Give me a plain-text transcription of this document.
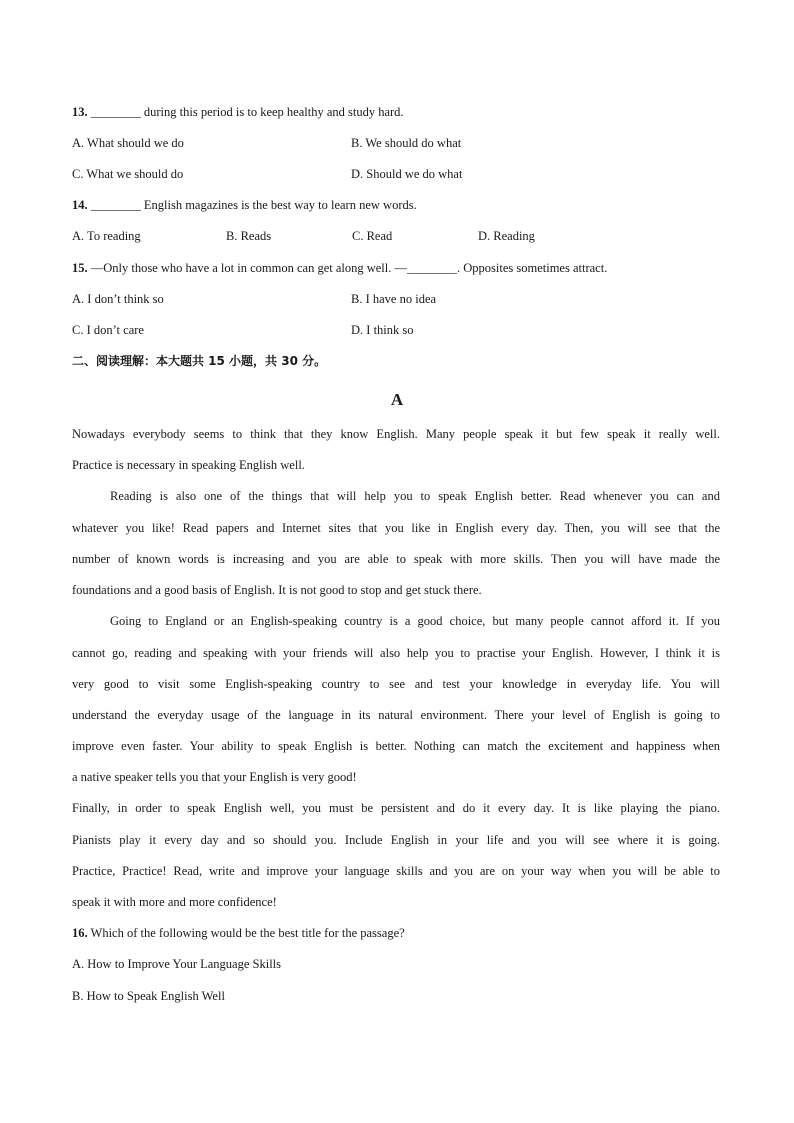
13. ________ during this period is to keep healthy and study hard.
A. What should we do	B. We should do what
C. What we should do	D. Should we do what
14. ________ English magazines is the best way to learn new words.
A. To reading	B. Reads	C. Read	D. Reading
15. —Only those who have a lot in common can get along well. —________. Opposites sometimes attract.
A. I don’t think so	B. I have no idea
C. I don’t care	D. I think so
二、阅读理解：本大题共 15 小题，共 30 分。
A
Nowadays everybody seems to think that they know English. Many people speak it but few speak it really well.
Practice is necessary in speaking English well.
Reading is also one of the things that will help you to speak English better. Read whenever you can and
whatever you like! Read papers and Internet sites that you like in English every day. Then, you will see that the
number of known words is increasing and you are able to speak with more skills. Then you will have made the
foundations and a good basis of English. It is not good to stop and get stuck there.
Going to England or an English-speaking country is a good choice, but many people cannot afford it. If you
cannot go, reading and speaking with your friends will also help you to practise your English. However, I think it is
very good to visit some English-speaking country to see and test your knowledge in everyday life. You will
understand the everyday usage of the language in its natural environment. There your level of English is going to
improve even faster. Your ability to speak English is better. Nothing can match the excitement and happiness when
a native speaker tells you that your English is very good!
Finally, in order to speak English well, you must be persistent and do it every day. It is like playing the piano.
Pianists play it every day and so should you. Include English in your life and you will see where it is going.
Practice, Practice! Read, write and improve your language skills and you are on your way when you will be able to
speak it with more and more confidence!
16. Which of the following would be the best title for the passage?
A. How to Improve Your Language Skills
B. How to Speak English Well
